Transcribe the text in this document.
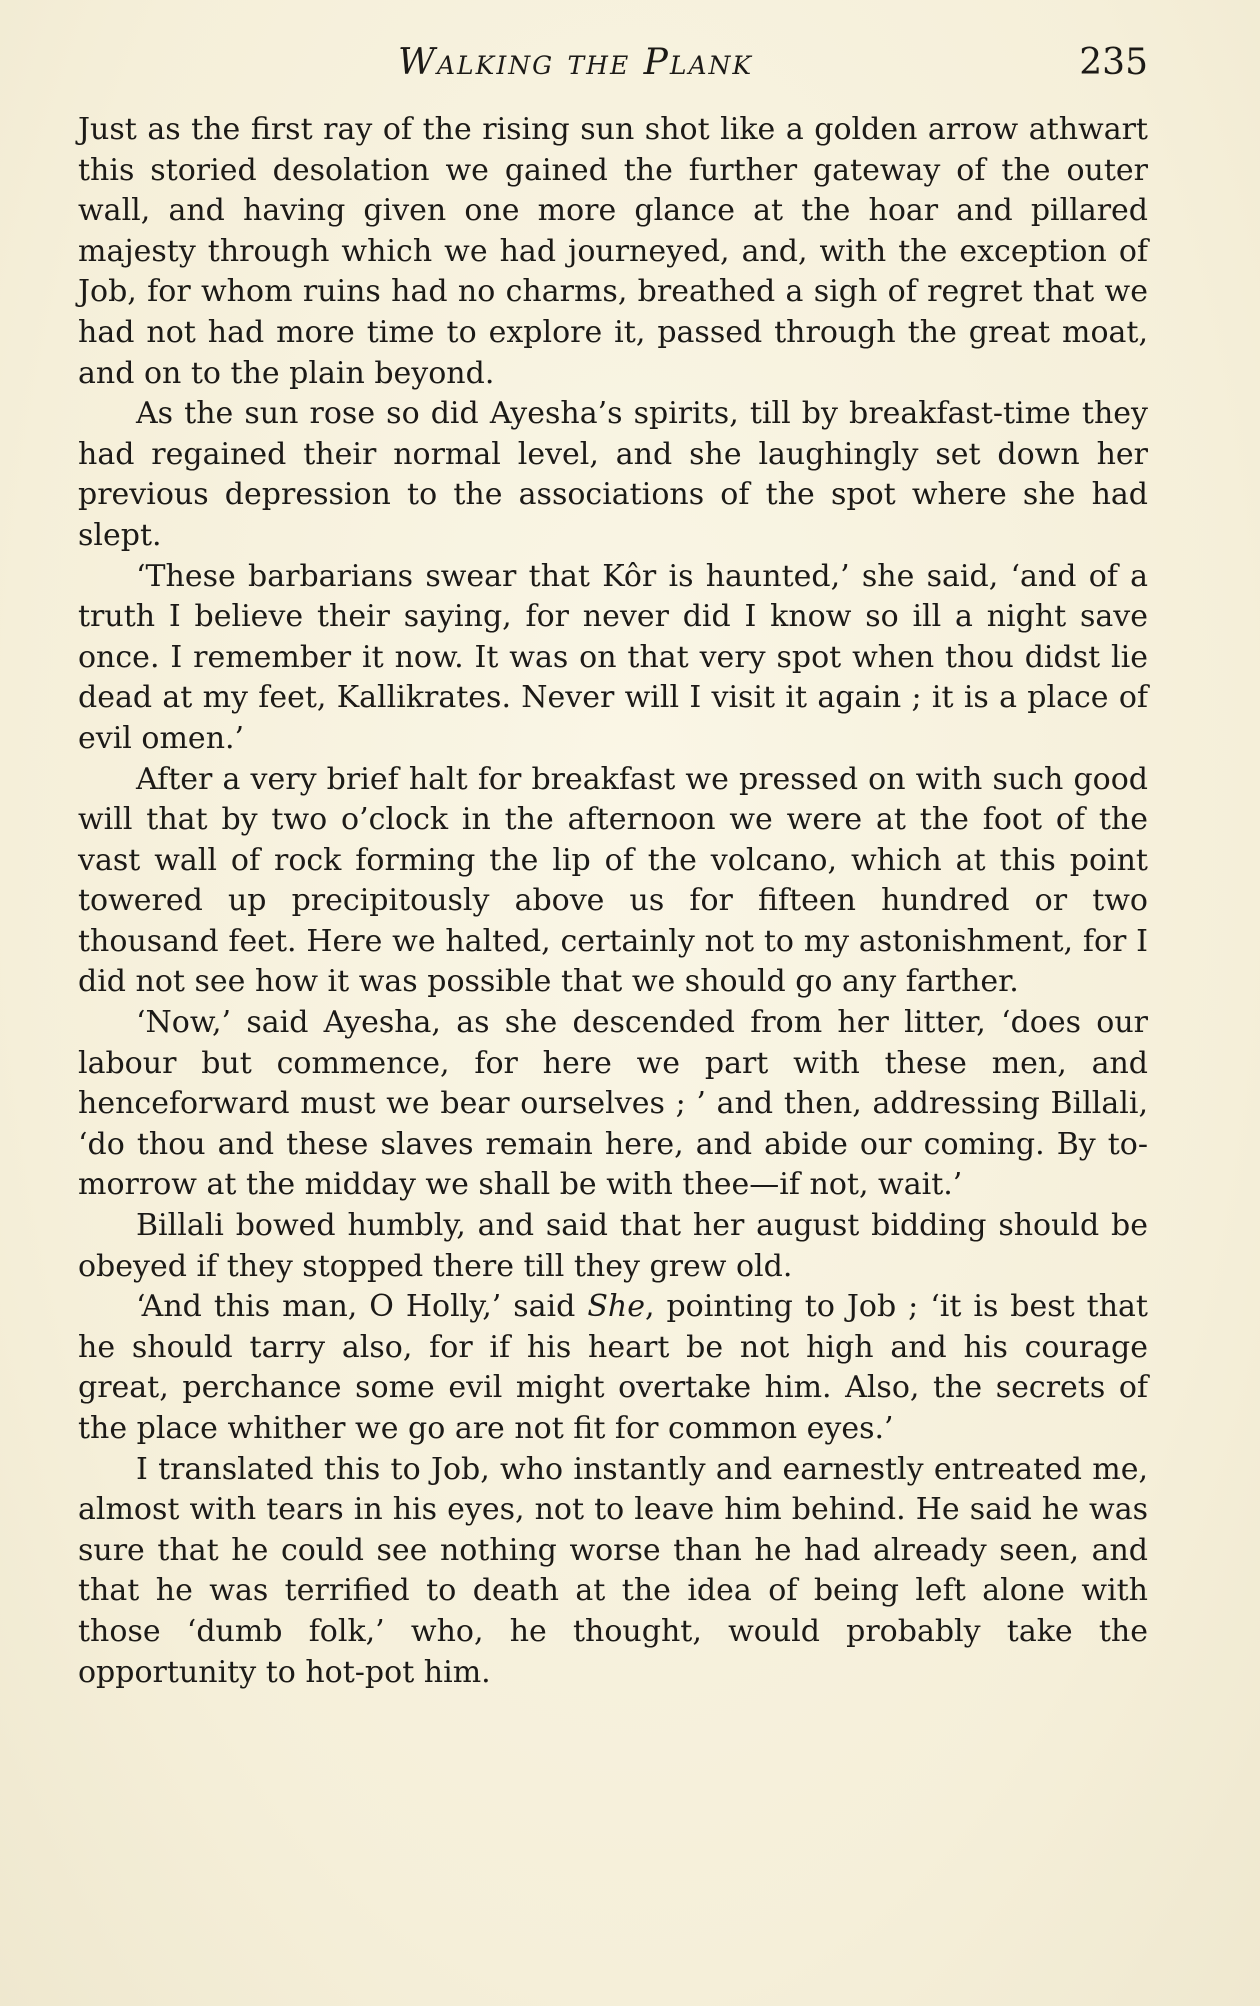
Walking the Plank	235

Just as the first ray of the rising sun shot like a golden arrow athwart this storied desolation we gained the further gateway of the outer wall, and having given one more glance at the hoar and pillared majesty through which we had journeyed, and, with the exception of Job, for whom ruins had no charms, breathed a sigh of regret that we had not had more time to explore it, passed through the great moat, and on to the plain beyond.

As the sun rose so did Ayesha’s spirits, till by breakfast-time they had regained their normal level, and she laughingly set down her previous depression to the associations of the spot where she had slept.

‘These barbarians swear that Kôr is haunted,’ she said, ‘and of a truth I believe their saying, for never did I know so ill a night save once. I remember it now. It was on that very spot when thou didst lie dead at my feet, Kallikrates. Never will I visit it again ; it is a place of evil omen.’

After a very brief halt for breakfast we pressed on with such good will that by two o’clock in the afternoon we were at the foot of the vast wall of rock forming the lip of the volcano, which at this point towered up precipitously above us for fifteen hundred or two thousand feet. Here we halted, certainly not to my astonishment, for I did not see how it was possible that we should go any farther.

‘Now,’ said Ayesha, as she descended from her litter, ‘does our labour but commence, for here we part with these men, and henceforward must we bear ourselves ; ’ and then, addressing Billali, ‘do thou and these slaves remain here, and abide our coming. By to-morrow at the midday we shall be with thee—if not, wait.’

Billali bowed humbly, and said that her august bidding should be obeyed if they stopped there till they grew old.

‘And this man, O Holly,’ said She, pointing to Job ; ‘it is best that he should tarry also, for if his heart be not high and his courage great, perchance some evil might overtake him. Also, the secrets of the place whither we go are not fit for common eyes.’

I translated this to Job, who instantly and earnestly entreated me, almost with tears in his eyes, not to leave him behind. He said he was sure that he could see nothing worse than he had already seen, and that he was terrified to death at the idea of being left alone with those ‘dumb folk,’ who, he thought, would probably take the opportunity to hot-pot him.
